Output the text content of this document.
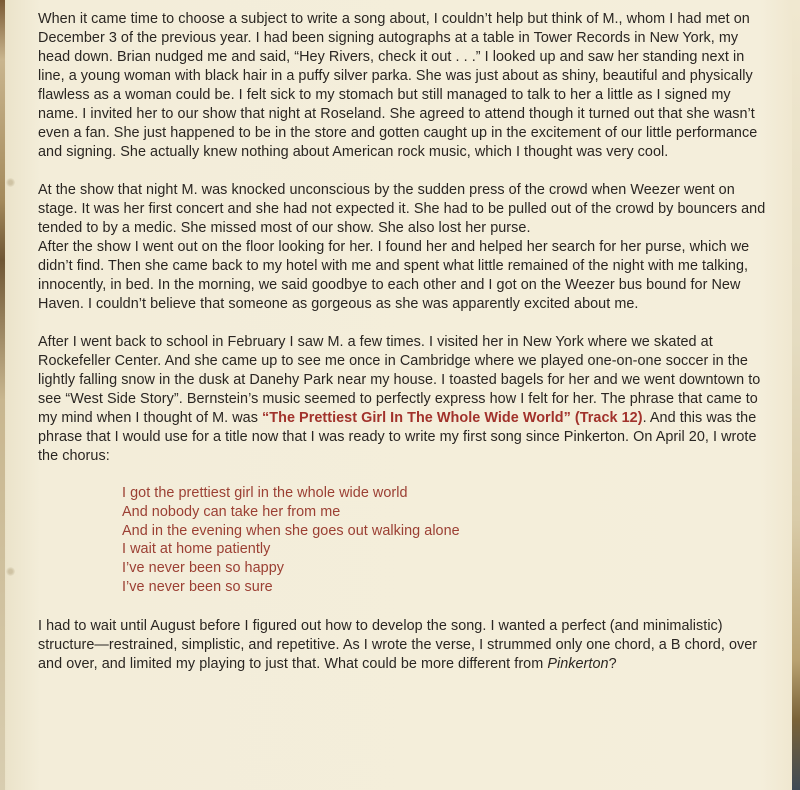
When it came time to choose a subject to write a song about, I couldn’t help but think of M., whom I had met on December 3 of the previous year. I had been signing autographs at a table in Tower Records in New York, my head down. Brian nudged me and said, “Hey Rivers, check it out . . .” I looked up and saw her standing next in line, a young woman with black hair in a puffy silver parka. She was just about as shiny, beautiful and physically flawless as a woman could be. I felt sick to my stomach but still managed to talk to her a little as I signed my name. I invited her to our show that night at Roseland. She agreed to attend though it turned out that she wasn’t even a fan. She just happened to be in the store and gotten caught up in the excitement of our little performance and signing. She actually knew nothing about American rock music, which I thought was very cool.

At the show that night M. was knocked unconscious by the sudden press of the crowd when Weezer went on stage. It was her first concert and she had not expected it. She had to be pulled out of the crowd by bouncers and tended to by a medic. She missed most of our show. She also lost her purse.
After the show I went out on the floor looking for her. I found her and helped her search for her purse, which we didn’t find. Then she came back to my hotel with me and spent what little remained of the night with me talking, innocently, in bed. In the morning, we said goodbye to each other and I got on the Weezer bus bound for New Haven. I couldn’t believe that someone as gorgeous as she was apparently excited about me.

After I went back to school in February I saw M. a few times. I visited her in New York where we skated at Rockefeller Center. And she came up to see me once in Cambridge where we played one-on-one soccer in the lightly falling snow in the dusk at Danehy Park near my house. I toasted bagels for her and we went downtown to see “West Side Story”. Bernstein’s music seemed to perfectly express how I felt for her. The phrase that came to my mind when I thought of M. was “The Prettiest Girl In The Whole Wide World” (Track 12). And this was the phrase that I would use for a title now that I was ready to write my first song since Pinkerton. On April 20, I wrote the chorus:

I got the prettiest girl in the whole wide world
And nobody can take her from me
And in the evening when she goes out walking alone
I wait at home patiently
I’ve never been so happy
I’ve never been so sure

I had to wait until August before I figured out how to develop the song. I wanted a perfect (and minimalistic) structure—restrained, simplistic, and repetitive. As I wrote the verse, I strummed only one chord, a B chord, over and over, and limited my playing to just that. What could be more different from Pinkerton?
